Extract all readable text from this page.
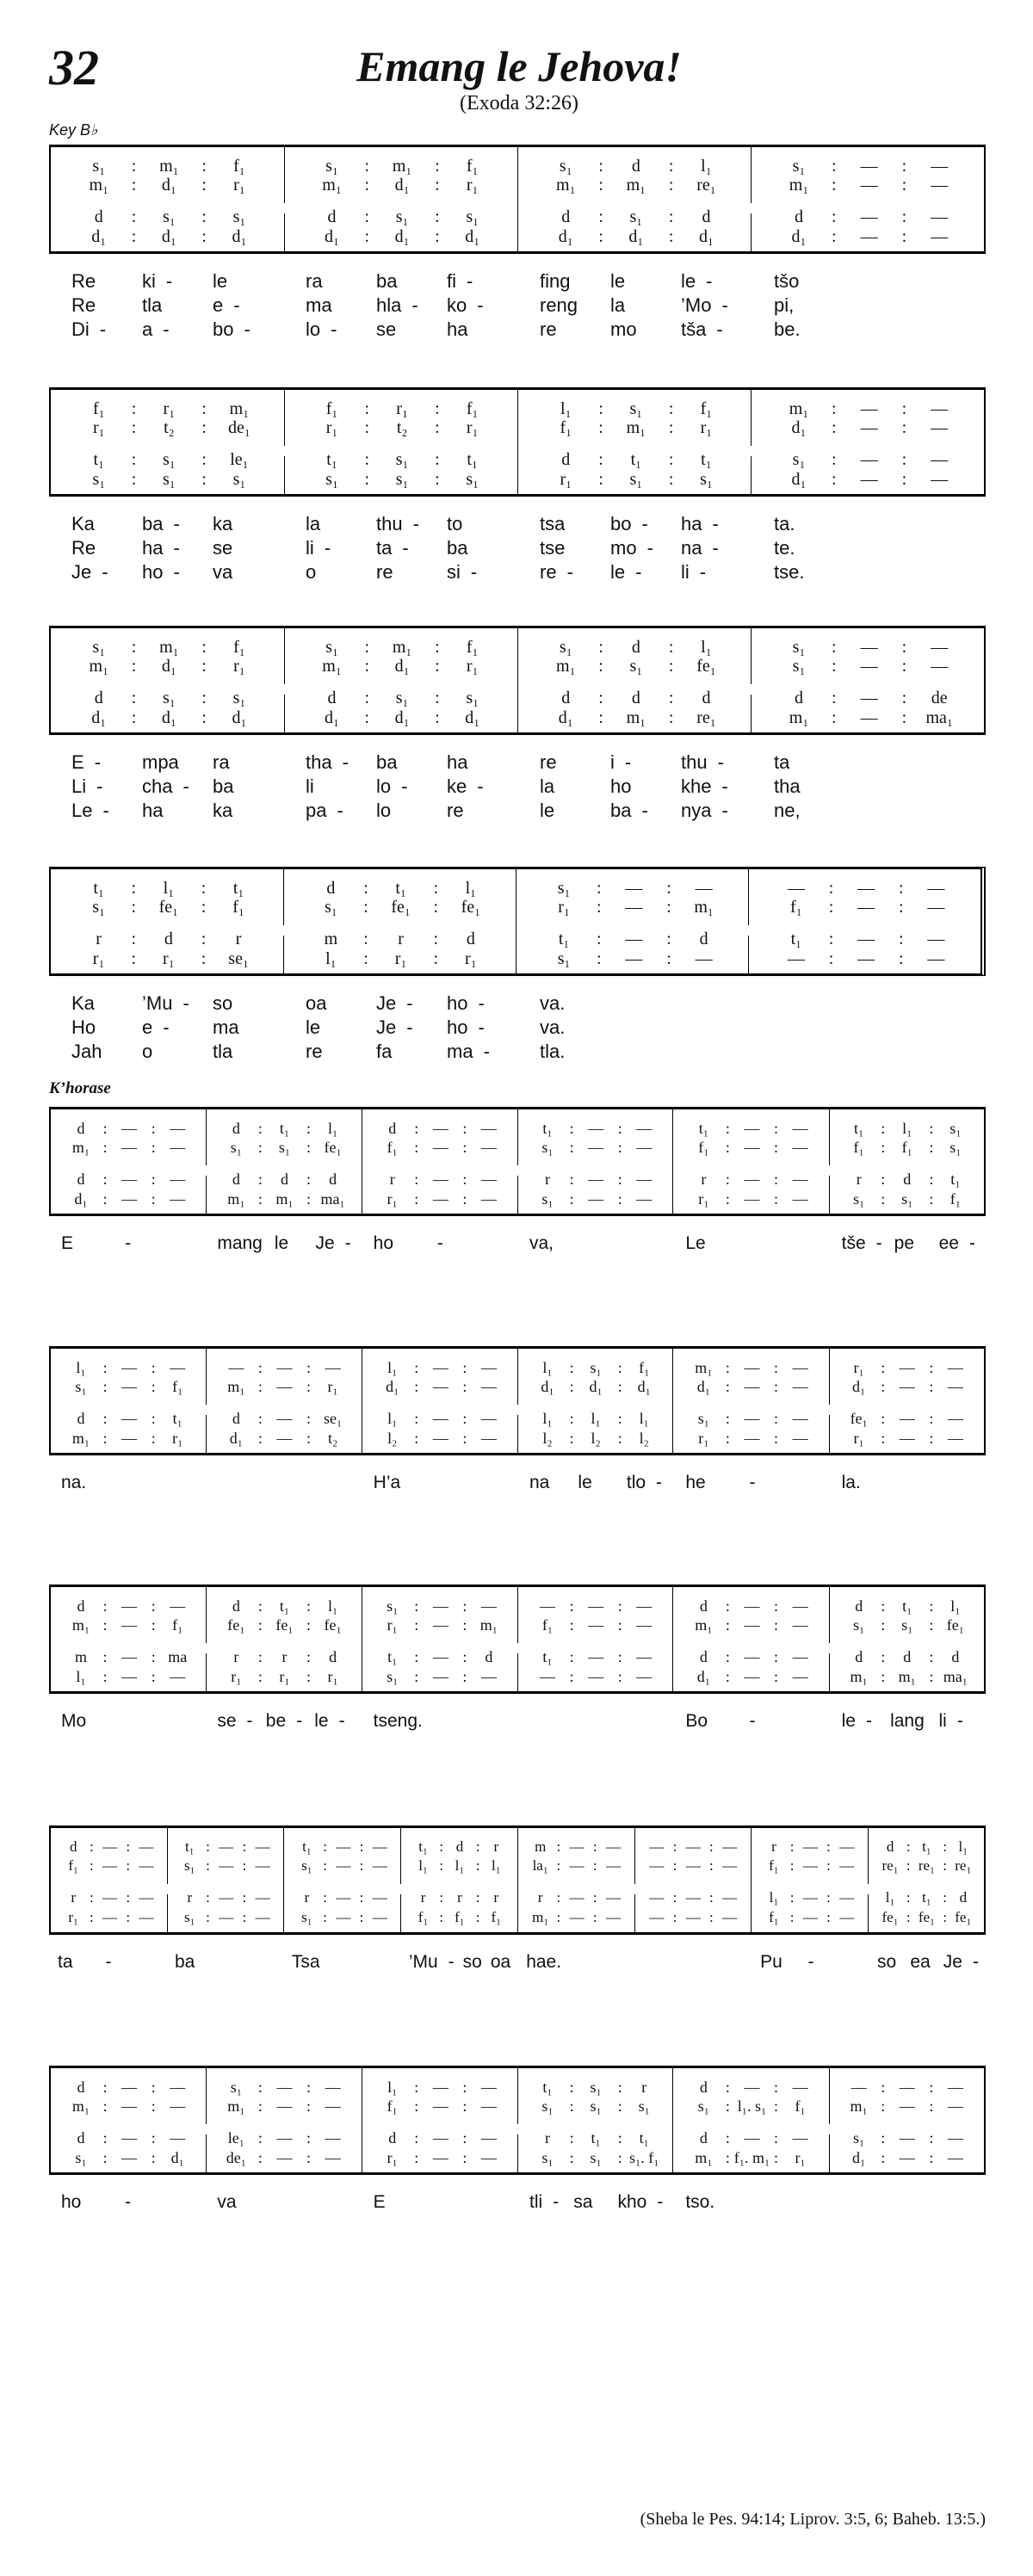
32	Emang le Jehova!
(Exoda 32:26)
Key B♭
K’horase
s₁	:	m₁	:	f₁
m₁	:	d₁	:	r₁
d	:	s₁	:	s₁
d₁	:	d₁	:	d₁
s₁	:	m₁	:	f₁
m₁	:	d₁	:	r₁
d	:	s₁	:	s₁
d₁	:	d₁	:	d₁
s₁	:	d	:	l₁
m₁	:	m₁	:	re₁
d	:	s₁	:	d
d₁	:	d₁	:	d₁
s₁	:	—	:	—
m₁	:	—	:	—
d	:	—	:	—
d₁	:	—	:	—
Re	ki -	le	ra	ba	fi -	fing	le	le -	tšo
Re	tla	e -	ma	hla -	ko -	reng	la	’Mo - pi,
Di -	a -	bo -	lo -	se	ha	re	mo	tša -	be.
f₁	:	r₁	:	m₁
r₁	:	t₂	:	de₁
t₁	:	s₁	:	le₁
s₁	:	s₁	:	s₁
f₁	:	r₁	:	f₁
r₁	:	t₂	:	r₁
t₁	:	s₁	:	t₁
s₁	:	s₁	:	s₁
l₁	:	s₁	:	f₁
f₁	:	m₁	:	r₁
d	:	t₁	:	t₁
r₁	:	s₁	:	s₁
m₁	:	—	:	—
d₁	:	—	:	—
s₁	:	—	:	—
d₁	:	—	:	—
Ka	ba -	ka	la	thu -	to	tsa	bo -	ha -	ta.
Re	ha -	se	li -	ta -	ba	tse	mo -	na -	te.
Je -	ho -	va	o	re	si -	re -	le -	li -	tse.
s₁	:	m₁	:	f₁
m₁	:	d₁	:	r₁
d	:	s₁	:	s₁
d₁	:	d₁	:	d₁
s₁	:	m₁	:	f₁
m₁	:	d₁	:	r₁
d	:	s₁	:	s₁
d₁	:	d₁	:	d₁
s₁	:	d	:	l₁
m₁	:	s₁	:	fe₁
d	:	d	:	d
d₁	:	m₁	:	re₁
s₁	:	—	:	—
s₁	:	—	:	—
d	:	—	:	de
m₁	:	—	:	ma₁
E -	mpa	ra	tha -	ba	ha	re	i -	thu -	ta
Li -	cha - ba	li	lo -	ke -	la	ho	khe - tha
Le -	ha	ka	pa -	lo	re	le	ba -	nya - ne,
t₁	:	l₁	:	t₁
s₁	:	fe₁	:	f₁
r	:	d	:	r
r₁	:	r₁	:	se₁
d	:	t₁	:	l₁
s₁	:	fe₁	:	fe₁
m	:	r	:	d
l₁	:	r₁	:	r₁
s₁	:	—	:	—
r₁	:	—	:	m₁
t₁	:	—	:	d
s₁	:	—	:	—
—	:	—	:	—
f₁	:	—	:	—
t₁	:	—	:	—
—	:	—	:	—
Ka	’Mu - so	oa	Je -	ho -	va.
Ho	e -	ma	le	Je -	ho -	va.
Jah	o	tla	re	fa	ma -	tla.
d	: — : —
m₁ : — : —
d	: — : —
d₁ : — : —
d	:	t₁	:	l₁
s₁	:	s₁	: fe₁
d	:	d	:	d
m₁ : m₁ : ma₁
d	: — : —
f₁	: — : —
r	: — : —
r₁	: — : —
t₁	: — : —
s₁	: — : —
r	: — : —
s₁	: — : —
t₁	: — : —
f₁	: — : —
r	: — : —
r₁	: — : —
t₁	:	l₁	:	s₁
f₁	:	f₁	:	s₁
r	:	d	:	t₁
s₁	:	s₁	:	f₁
E	-	mang le	Je - ho	-	va,	Le	tše - pe	ee -
l₁	: — : —
s₁	: — :	f₁
d	: — :	t₁
m₁ : — :	r₁
— : — : —
m₁ : — :	r₁
d	: — : se₁
d₁ : — :	t₂
l₁	: — : —
d₁ : — : —
l₁	: — : —
l₂	: — : —
l₁	:	s₁	:	f₁
d₁ : d₁ : d₁
l₁	:	l₁	:	l₁
l₂	:	l₂	:	l₂
m₁ : — : —
d₁ : — : —
s₁	: — : —
r₁	: — : —
r₁	: — : —
d₁ : — : —
fe₁ : — : —
r₁	: — : —
na.	H’a	na	le	tlo - he	-	la.
d	: — : —
m₁ : — :	f₁
m	: — : ma
l₁	: — : —
d	:	t₁	:	l₁
fe₁ : fe₁ : fe₁
r	:	r	:	d
r₁	:	r₁	:	r₁
s₁	: — : —
r₁	: — : m₁
t₁	: — :	d
s₁	: — : —
— : — : —
f₁	: — : —
t₁	: — : —
— : — : —
d	: — : —
m₁ : — : —
d	: — : —
d₁ : — : —
d	:	t₁	:	l₁
s₁	:	s₁	: fe₁
d	:	d	:	d
m₁ : m₁ : ma₁
Mo	se - be - le -	tseng.	Bo	-	le -	lang li -
d : — : —
f₁ : — : —
r : — : —
r₁ : — : —
t₁ : — : —
s₁ : — : —
r : — : —
s₁ : — : —
t₁ : — : —
s₁ : — : —
r : — : —
s₁ : — : —
t₁ : d : r
l₁ : l₁ : l₁
r : r : r
f₁ : f₁ : f₁
m : — : —
la₁ : — : —
r : — : —
m₁ : — : —
— : — : —
— : — : —
— : — : —
— : — : —
r : — : —
f₁ : — : —
l₁ : — : —
f₁ : — : —
d : t₁ : l₁
re₁ : re₁ : re₁
l₁ : t₁ : d
fe₁ : fe₁ : fe₁
ta	-	ba	Tsa	’Mu - so oa hae.	Pu	-	so ea Je -
d	: — : —
m₁ : — : —
d	: — : —
s₁	: — : d₁
s₁	: — : —
m₁ : — : —
le₁ : — : —
de₁ : — : —
l₁	: — : —
f₁	: — : —
d	: — : —
r₁	: — : —
t₁	:	s₁	:	r
s₁	:	s₁	:	s₁
r	:	t₁	:	t₁
s₁	:	s₁	: s₁. f₁
d	: — : —
s₁	: l₁. s₁ :	f₁
d	: — : —
m₁ : f₁. m₁ :	r₁
— : — : —
m₁ : — : —
s₁	: — : —
d₁ : — : —
ho	-	va	E	tli - sa	kho - tso.
(Sheba le Pes. 94:14; Liprov. 3:5, 6; Baheb. 13:5.)
